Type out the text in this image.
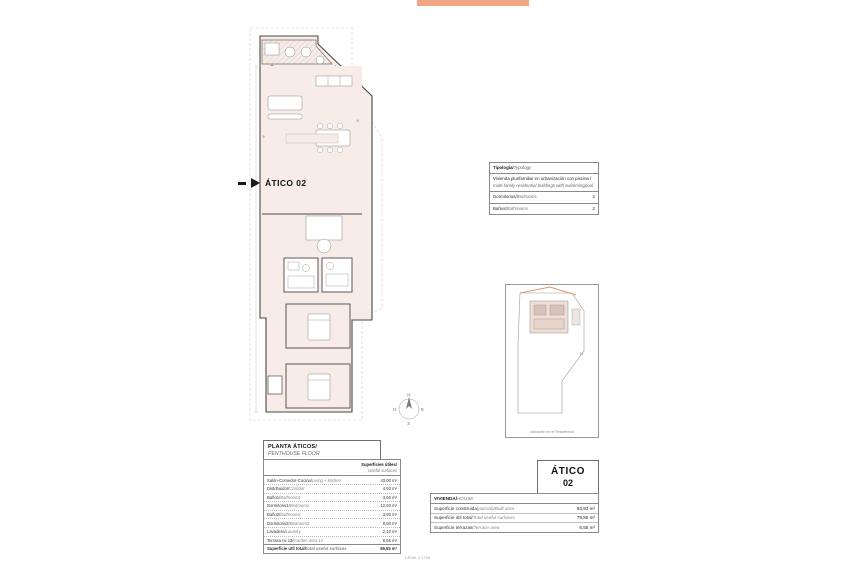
*
*
ÁTICO 02
N
S
E
O
Tipología/Typology
Vivienda plurifamiliar en urbanización con piscina /
multi-family residential buildings with swimmingpool
Dormitorios/Bedrooms	2
Baños/Bathrooms	2
N
ubicación en el Residencial
ÁTICO
02
PLANTA ÁTICOS/
PENTHOUSE FLOOR
Superficies útiles/
Useful surfaces
Salón-Comedor-Cocina/Living + kitchen	43,00 m²
Distribuidor/Corridor	4,93 m²
Baño1/Bathroom1	3,60 m²
Dormitorio1/Bedroom1	12,50 m²
Baño2/Bathroom2	3,50 m²
Dormitorio2/Bedroom2	9,50 m²
Lavadero/Laundry	2,10 m²
Terraza nv 13/Garden area 13	6,55 m²
Superficie útil total/total useful surfaces	86,55 m²
VIVIENDA/HOUSE
Superficie construida(parcial)/Built area	93,93 m²
Superficie útil total/Total useful surfaces	79,80 m²
Superficie terrazas/Terrace area	6,55 m²
DRAW n°1708
